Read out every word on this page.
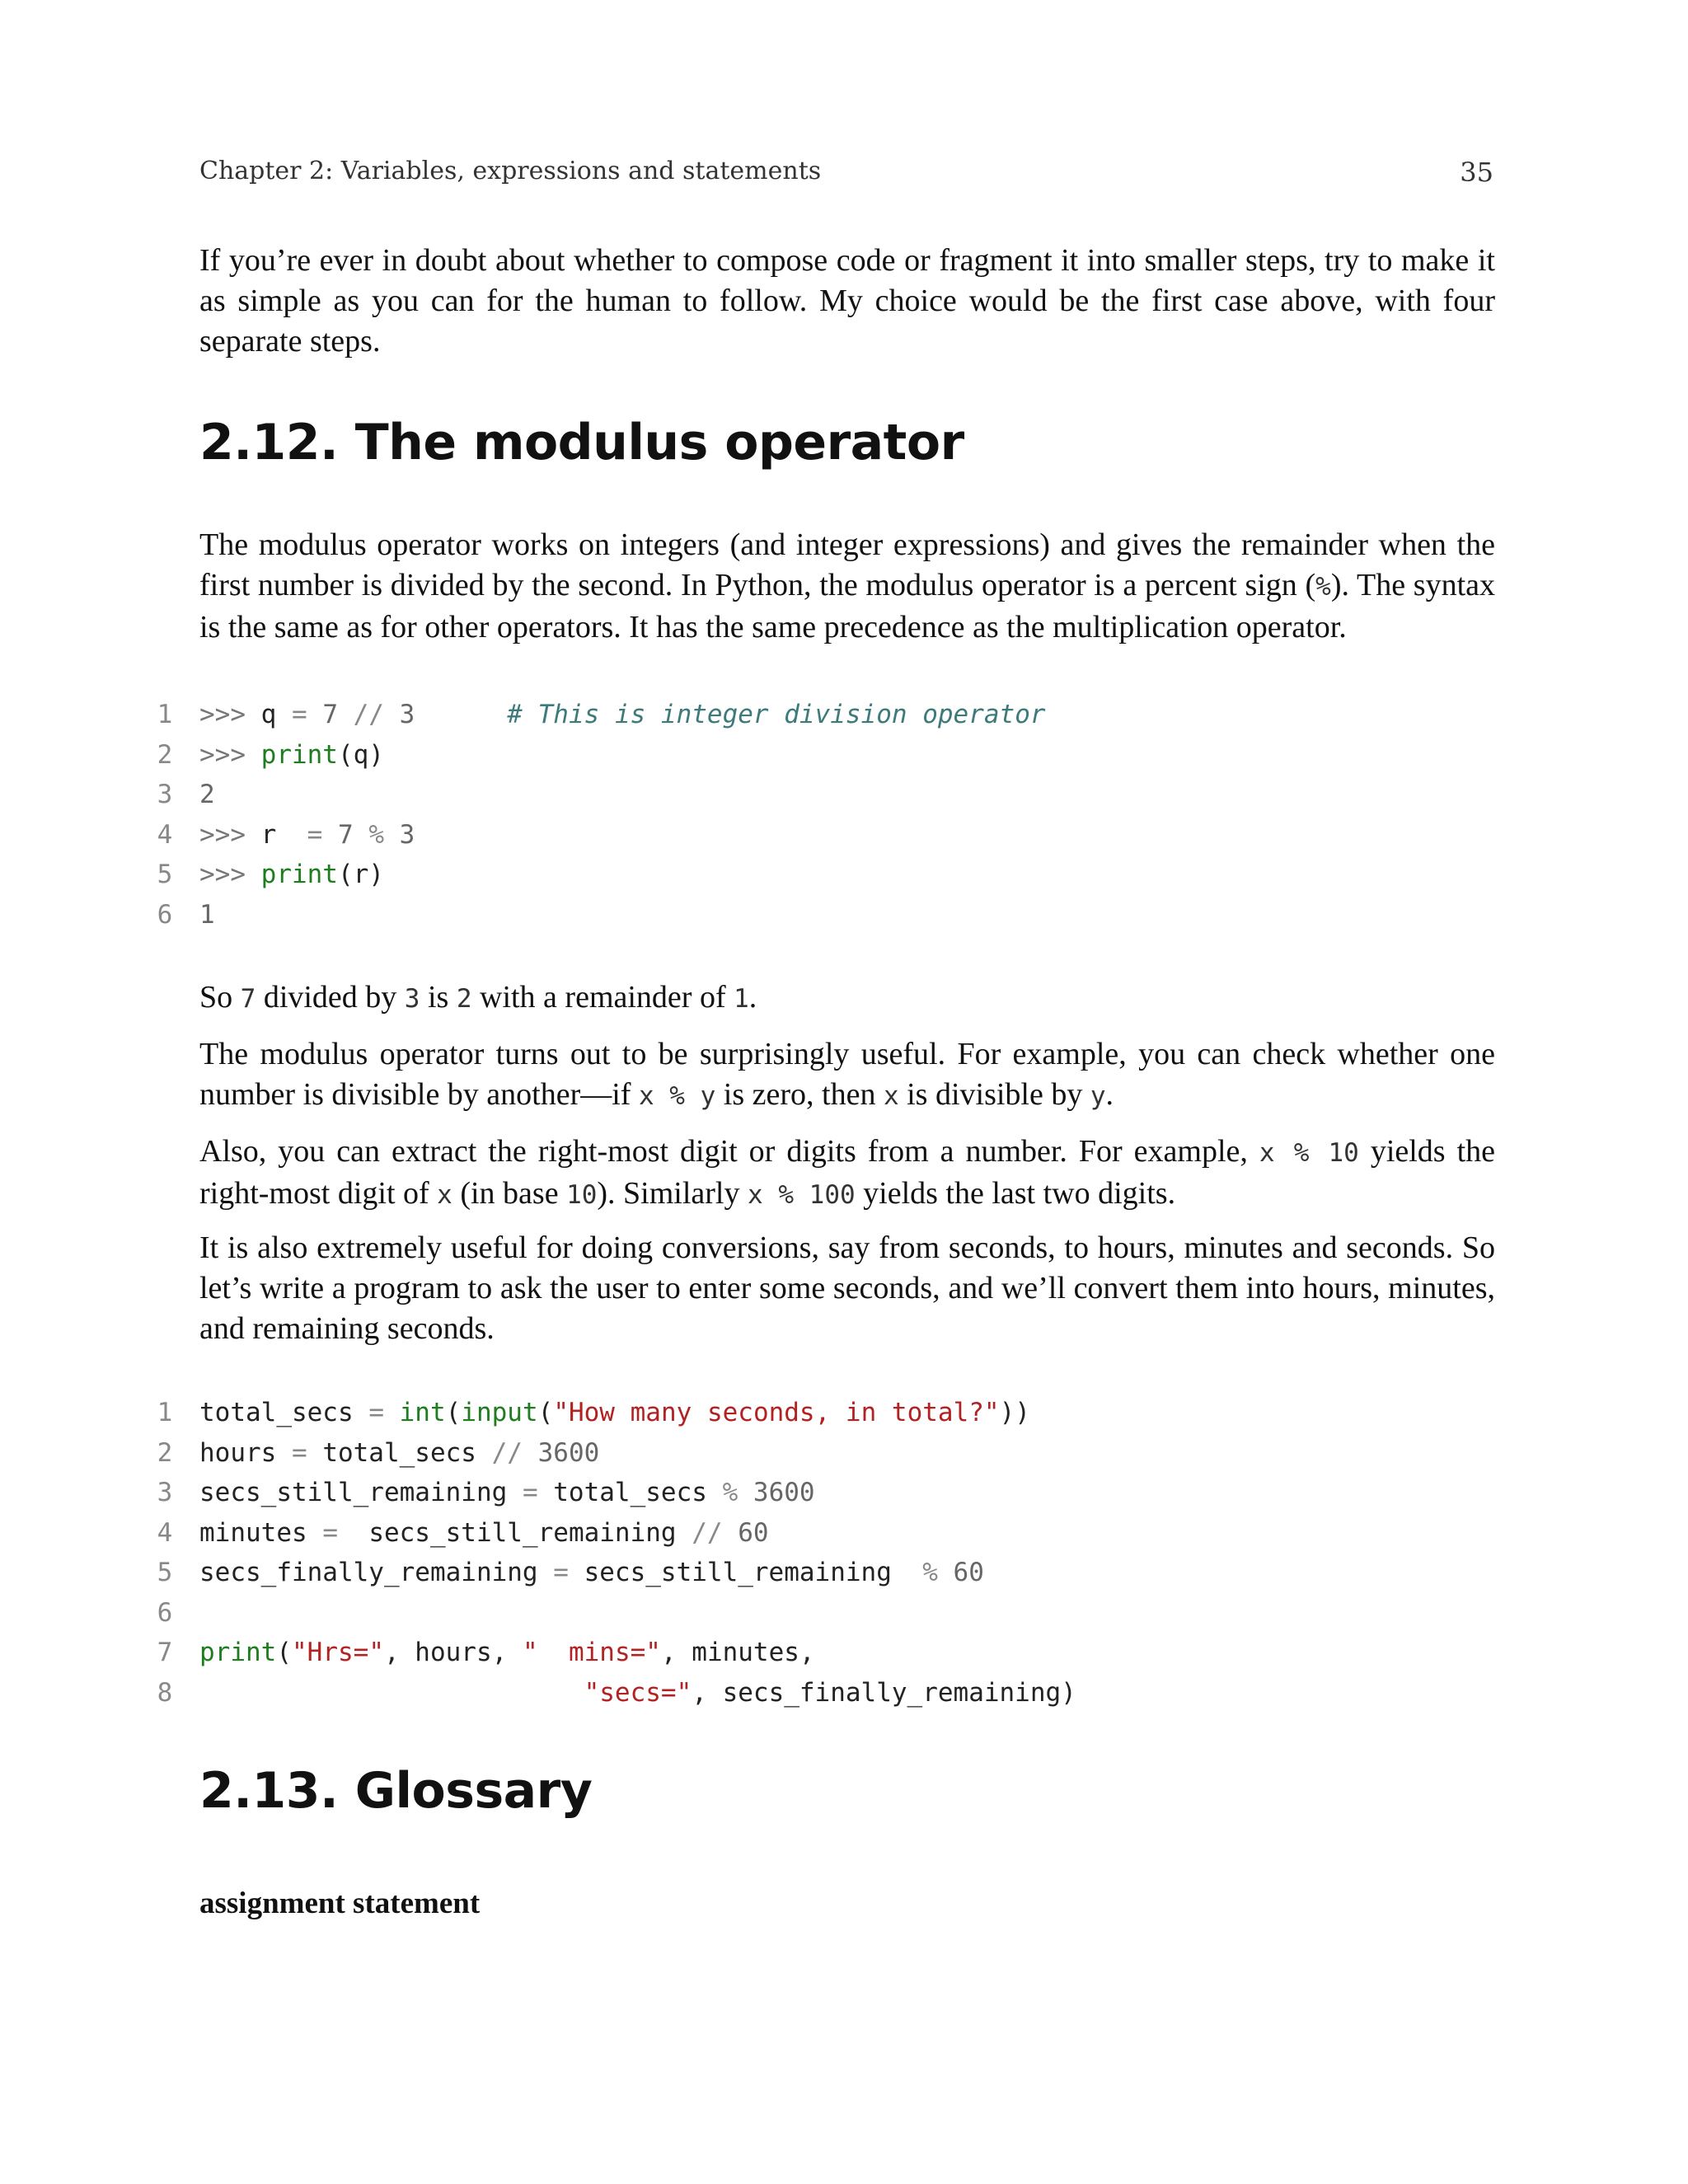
Chapter 2: Variables, expressions and statements	35

If you’re ever in doubt about whether to compose code or fragment it into smaller steps, try to make it as simple as you can for the human to follow. My choice would be the first case above, with four separate steps.

2.12. The modulus operator

The modulus operator works on integers (and integer expressions) and gives the remainder when the first number is divided by the second. In Python, the modulus operator is a percent sign (%). The syntax is the same as for other operators. It has the same precedence as the multiplication operator.

1	>>> q = 7 // 3	# This is integer division operator
2	>>> print(q)
3	2
4	>>> r  = 7 % 3
5	>>> print(r)
6	1

So 7 divided by 3 is 2 with a remainder of 1.

The modulus operator turns out to be surprisingly useful. For example, you can check whether one number is divisible by another—if x % y is zero, then x is divisible by y.

Also, you can extract the right-most digit or digits from a number. For example, x % 10 yields the right-most digit of x (in base 10). Similarly x % 100 yields the last two digits.

It is also extremely useful for doing conversions, say from seconds, to hours, minutes and seconds. So let’s write a program to ask the user to enter some seconds, and we’ll convert them into hours, minutes, and remaining seconds.

1	total_secs = int(input("How many seconds, in total?"))
2	hours = total_secs // 3600
3	secs_still_remaining = total_secs % 3600
4	minutes =  secs_still_remaining // 60
5	secs_finally_remaining = secs_still_remaining  % 60
6
7	print("Hrs=", hours, "  mins=", minutes,
8	"secs=", secs_finally_remaining)
2.13. Glossary

assignment statement
